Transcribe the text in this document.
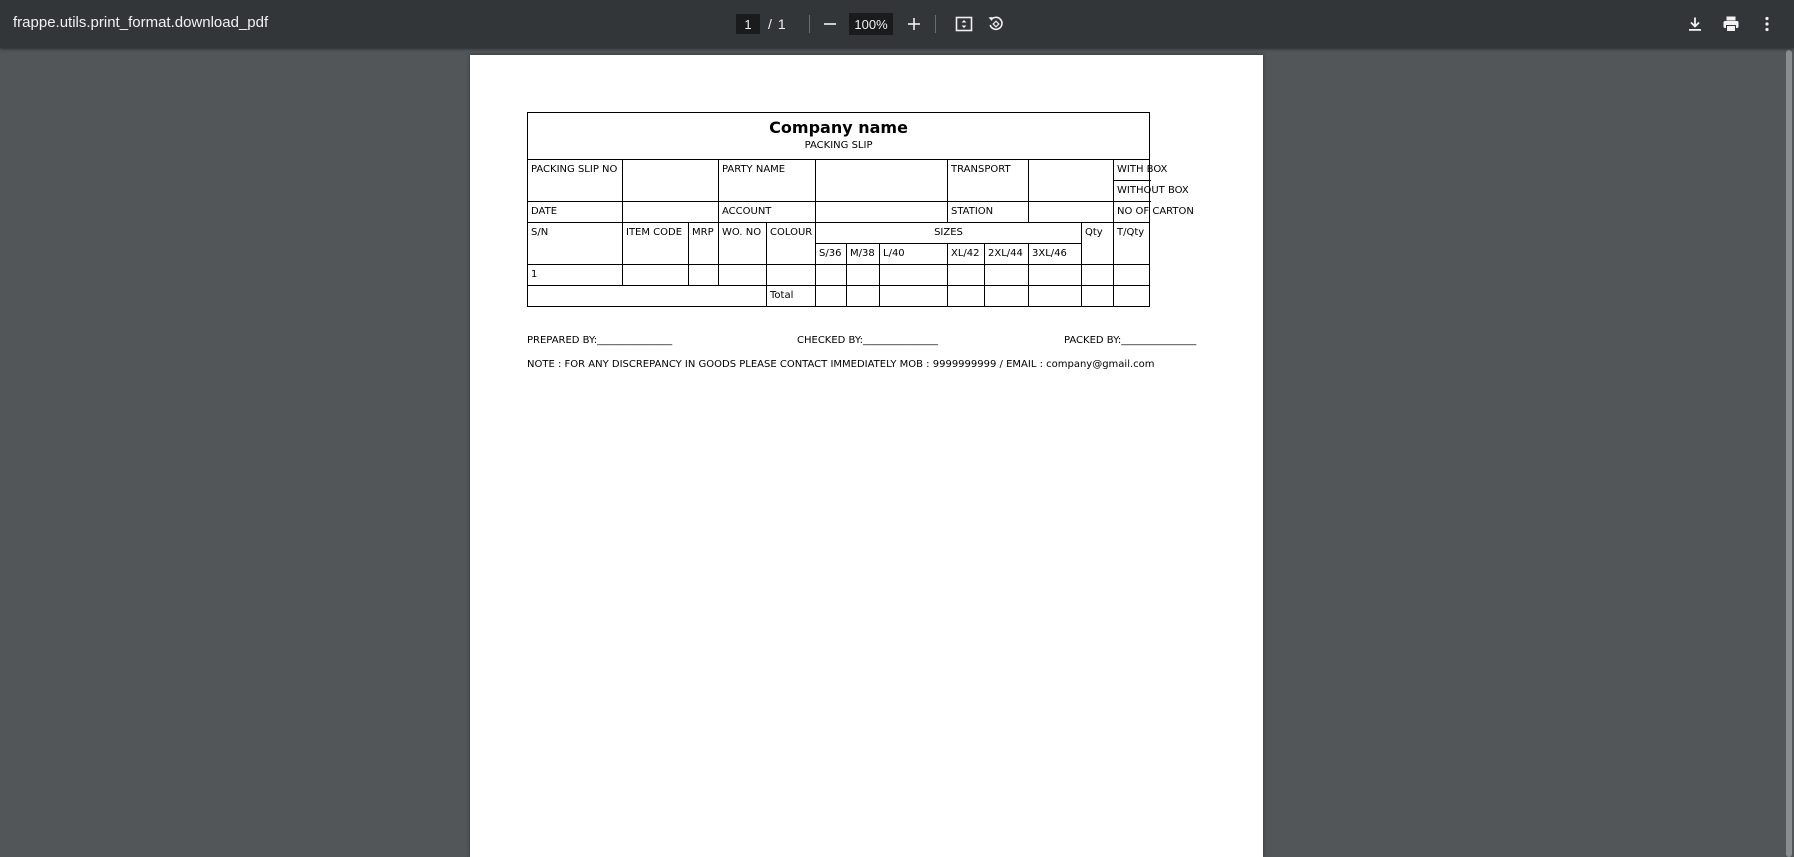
frappe.utils.print_format.download_pdf
1	/ 1
100%
Company name

PACKING SLIP													

PACKING SLIP NO			PARTY NAME					TRANSPORT				WITH BOX	
												WITHOUT BOX	
DATE			ACCOUNT					STATION				NO OF CARTON	
S/N	ITEM CODE	MRP	WO. NO	COLOUR	SIZES						Qty	T/Qty	
					S/36	M/38	L/40	XL/42	2XL/44	3XL/46			
1													
				Total									
PREPARED BY:_______________	CHECKED BY:_______________	PACKED BY:_______________
NOTE : FOR ANY DISCREPANCY IN GOODS PLEASE CONTACT IMMEDIATELY MOB : 9999999999 / EMAIL : company@gmail.com
